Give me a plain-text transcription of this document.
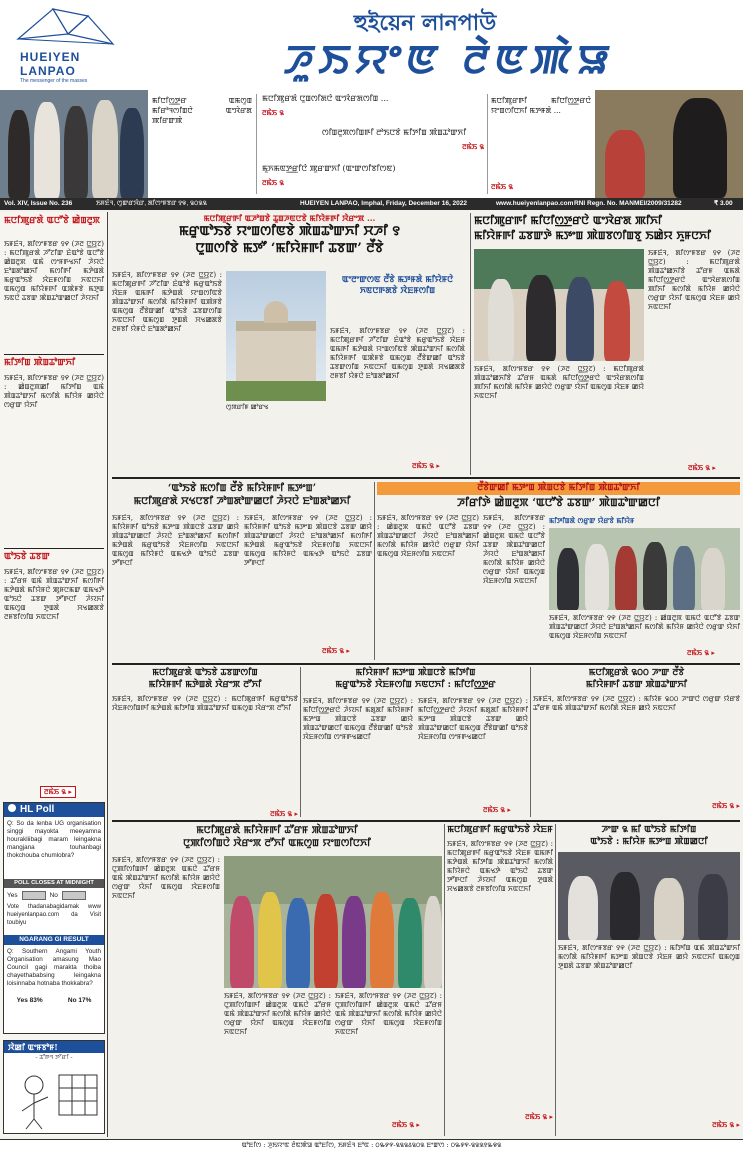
HUEIYEN
LANPAO
The messenger of the masses
হুইয়েন লানপাউ
ꯍꯨꯏꯌꯦꯟ ꯂꯥꯟꯄꯥꯎ
ꯃꯤꯅꯤꯁ꯭ꯇꯔ ꯑꯃꯁꯨꯡ ꯃꯤꯔꯣꯜꯁꯤꯡꯅꯥ ꯑꯦꯋꯥꯔꯗ ꯄꯤꯔꯛꯄꯥ
ꯃꯅꯤꯄꯨꯔꯗꯥ ꯅꯨꯡꯁꯤꯗꯅꯥ ꯑꯦꯋꯥꯔꯗꯁꯤꯡ ...
ꯂꯃꯥꯏ ꯲
ꯁꯤꯡꯂꯨꯞꯁꯤꯡꯒꯤ ꯂꯣꯏꯅꯕꯥ ꯃꯤꯇꯤꯡ ꯄꯥꯡꯊꯣꯛꯈꯤ
ꯂꯃꯥꯏ ꯲
ꯃꯨꯈꯃꯟꯇ꯭ꯔꯤꯅꯥ ꯄꯨꯔꯛꯈꯤ (ꯑꯦꯛꯁꯤꯕꯤꯁꯟ)
ꯂꯃꯥꯏ ꯲
ꯃꯅꯤꯄꯨꯔꯒꯤ ꯃꯤꯅꯤꯁ꯭ꯇꯔꯅꯥ ꯌꯦꯡꯁꯤꯅꯈꯤ ꯃꯇꯝꯗꯥ ...
ꯂꯃꯥꯏ ꯲
Vol. XIV, Issue No. 236	ꯏꯝꯐꯥꯜ, ꯁꯨꯛꯔꯋꯥꯔ, ꯗꯤꯁꯦꯝꯕꯔ ꯱꯶, ꯲꯰꯲꯲	HUEIYEN LANPAO, Imphal, Friday, December 16, 2022	www.hueiyenlanpao.com RNI Regn. No. MANMEI/2009/31282	₹ 3.00
ꯃꯅꯤꯄꯨꯔꯗꯥ ꯑꯅꯧꯕꯥ ꯀꯥꯡꯂꯨꯞ
ꯏꯝꯐꯥꯜ, ꯗꯤꯁꯦꯝꯕꯔ ꯱꯵ (ꯍꯂ ꯅ꯭ꯌꯨꯖ) : ꯃꯅꯤꯄꯨꯔꯗꯥ ꯍꯧꯖꯤꯛ ꯐꯥꯑꯣꯕꯥ ꯑꯅꯧꯕꯥ ꯀꯥꯡꯂꯨꯞ ꯑꯃꯥ ꯁꯦꯝꯒꯠꯈꯤ ꯍꯥꯌꯅꯥ ꯐꯣꯡꯗꯣꯀꯈꯤ ꯃꯁꯤꯒꯤ ꯃꯇꯥꯡꯗꯥ ꯃꯔꯨꯑꯣꯏꯕꯥ ꯋꯥꯐꯝꯁꯤꯡ ꯈꯟꯅꯈꯤ ꯑꯃꯁꯨꯡ ꯃꯤꯌꯥꯝꯒꯤ ꯑꯄꯥꯝꯕꯥ ꯃꯇꯨꯡ ꯏꯟꯅꯥ ꯊꯕꯛ ꯄꯥꯡꯊꯣꯛꯀꯅꯤ ꯍꯥꯌꯈꯤ
ꯃꯤꯇꯤꯡ ꯄꯥꯡꯊꯣꯛꯈꯤ
ꯏꯝꯐꯥꯜ, ꯗꯤꯁꯦꯝꯕꯔ ꯱꯵ (ꯍꯂ ꯅ꯭ꯌꯨꯖ) : ꯀꯥꯡꯂꯨꯞꯀꯤ ꯃꯤꯇꯤꯡ ꯑꯃꯥ ꯄꯥꯡꯊꯣꯛꯈꯤ ꯃꯁꯤꯗꯥ ꯃꯤꯌꯥꯝ ꯀꯌꯥꯅꯥ ꯁꯔꯨꯛ ꯌꯥꯈꯤ
ꯑꯣꯏꯕꯥ ꯊꯕꯛ
ꯏꯝꯐꯥꯜ, ꯗꯤꯁꯦꯝꯕꯔ ꯱꯵ (ꯍꯂ ꯅ꯭ꯌꯨꯖ) : ꯊꯧꯔꯝ ꯑꯃꯥ ꯄꯥꯡꯊꯣꯛꯈꯤ ꯃꯁꯤꯒꯤ ꯃꯇꯥꯡꯗꯥ ꯃꯤꯌꯥꯝꯅꯥ ꯄꯨꯝꯅꯃꯛ ꯑꯃꯠꯇꯥ ꯑꯣꯏꯅꯥ ꯊꯕꯛ ꯇꯧꯒꯅꯤ ꯍꯥꯌꯈꯤ ꯑꯃꯁꯨꯡ ꯇꯨꯡꯗꯥ ꯆꯠꯀꯗꯕꯥ ꯂꯝꯕꯤꯁꯤꯡ ꯈꯟꯅꯈꯤ
ꯂꯃꯥꯏ ꯲ ▸
HL Poll
Q: So da lenba UG organisation singgi mayokta meeyamna hourakliibagi maram leingakna mangjana touhanbagi thokchouba chumlobra?
POLL CLOSES AT MIDNIGHT
Yes	No
Vote thadanabagidamak www hueiyenlanpao.com da Visit toubiyu
NGARANG GI RESULT
Q: Southern Angami Youth Organisation amasung Mao Council gagi marakta thoiba chayethababsing leingakna loisinnaba hotnaba thokkabra?
Yes 83%	No 17%
ꯋꯥꯀꯤ ꯑꯦꯝꯕꯣꯝ!
- ꯊꯧꯒꯜ ꯇꯧꯔꯤ -
ꯃꯅꯤꯄꯨꯔꯒꯤ ꯑꯍꯣꯡꯕꯥ ꯊꯨꯡꯍꯟꯅꯕꯥ ꯃꯤꯌꯥꯝꯒꯤ ꯋꯥꯔꯦꯞ ...
ꯃꯔꯨꯑꯣꯏꯕꯥ ꯌꯦꯡꯁꯤꯟꯕꯥ ꯄꯥꯡꯊꯣꯛꯈꯤ ꯆꯍꯤ ꯱
ꯅꯨꯡꯁꯤꯕꯥ ꯃꯇꯧ ‘ꯃꯤꯌꯥꯝꯒꯤ ꯊꯕꯛ’ ꯂꯩꯕꯥ
ꯏꯝꯐꯥꯜ, ꯗꯤꯁꯦꯝꯕꯔ ꯱꯵ (ꯍꯂ ꯅ꯭ꯌꯨꯖ) : ꯃꯅꯤꯄꯨꯔꯒꯤ ꯍꯧꯖꯤꯛ ꯐꯥꯑꯣꯕꯥ ꯃꯔꯨꯑꯣꯏꯕꯥ ꯋꯥꯐꯝ ꯑꯃꯒꯤ ꯃꯇꯥꯡꯗꯥ ꯌꯦꯡꯁꯤꯟꯕꯥ ꯄꯥꯡꯊꯣꯛꯈꯤ ꯃꯁꯤꯗꯥ ꯃꯤꯌꯥꯝꯒꯤ ꯑꯄꯥꯝꯕꯥ ꯑꯃꯁꯨꯡ ꯂꯩꯕꯥꯛꯀꯤ ꯑꯣꯏꯕꯥ ꯊꯕꯛꯁꯤꯡ ꯈꯟꯅꯈꯤ ꯑꯃꯁꯨꯡ ꯇꯨꯡꯗꯥ ꯆꯠꯀꯗꯕꯥ ꯂꯝꯕꯤ ꯌꯥꯝꯅꯥ ꯐꯣꯡꯗꯣꯀꯈꯤ
ꯁꯨꯞꯔꯤꯝ ꯀꯣꯔꯠ
ꯑꯦꯂꯦꯛꯁꯟ ꯂꯩꯕꯥ ꯃꯇꯝꯗꯥ ꯃꯤꯌꯥꯝꯅꯥ ꯈꯟꯅꯒꯗꯕꯥ ꯋꯥꯐꯝꯁꯤꯡ
ꯏꯝꯐꯥꯜ, ꯗꯤꯁꯦꯝꯕꯔ ꯱꯵ (ꯍꯂ ꯅ꯭ꯌꯨꯖ) : ꯃꯅꯤꯄꯨꯔꯒꯤ ꯍꯧꯖꯤꯛ ꯐꯥꯑꯣꯕꯥ ꯃꯔꯨꯑꯣꯏꯕꯥ ꯋꯥꯐꯝ ꯑꯃꯒꯤ ꯃꯇꯥꯡꯗꯥ ꯌꯦꯡꯁꯤꯟꯕꯥ ꯄꯥꯡꯊꯣꯛꯈꯤ ꯃꯁꯤꯗꯥ ꯃꯤꯌꯥꯝꯒꯤ ꯑꯄꯥꯝꯕꯥ ꯑꯃꯁꯨꯡ ꯂꯩꯕꯥꯛꯀꯤ ꯑꯣꯏꯕꯥ ꯊꯕꯛꯁꯤꯡ ꯈꯟꯅꯈꯤ ꯑꯃꯁꯨꯡ ꯇꯨꯡꯗꯥ ꯆꯠꯀꯗꯕꯥ ꯂꯝꯕꯤ ꯌꯥꯝꯅꯥ ꯐꯣꯡꯗꯣꯀꯈꯤ
ꯂꯃꯥꯏ ꯲ ▸
ꯃꯅꯤꯄꯨꯔꯒꯤ ꯃꯤꯅꯤꯁ꯭ꯇꯔꯅꯥ ꯑꯦꯋꯥꯔꯗ ꯄꯤꯈꯤ
ꯃꯤꯌꯥꯝꯒꯤ ꯊꯕꯛꯇꯥ ꯃꯇꯦꯡ ꯄꯥꯡꯕꯁꯤꯡꯕꯨ ꯏꯀꯥꯌ ꯈꯨꯝꯅꯈꯤ
ꯏꯝꯐꯥꯜ, ꯗꯤꯁꯦꯝꯕꯔ ꯱꯵ (ꯍꯂ ꯅ꯭ꯌꯨꯖ) : ꯃꯅꯤꯄꯨꯔꯗꯥ ꯄꯥꯡꯊꯣꯀꯈꯤꯕꯥ ꯊꯧꯔꯝ ꯑꯃꯗꯥ ꯃꯤꯅꯤꯁ꯭ꯇꯔꯅꯥ ꯑꯦꯋꯥꯔꯗꯁꯤꯡ ꯄꯤꯈꯤ ꯃꯁꯤꯗꯥ ꯃꯤꯌꯥꯝ ꯀꯌꯥꯅꯥ ꯁꯔꯨꯛ ꯌꯥꯈꯤ ꯑꯃꯁꯨꯡ ꯋꯥꯐꯝ ꯀꯌꯥ ꯈꯟꯅꯈꯤ
ꯏꯝꯐꯥꯜ, ꯗꯤꯁꯦꯝꯕꯔ ꯱꯵ (ꯍꯂ ꯅ꯭ꯌꯨꯖ) : ꯃꯅꯤꯄꯨꯔꯗꯥ ꯄꯥꯡꯊꯣꯀꯈꯤꯕꯥ ꯊꯧꯔꯝ ꯑꯃꯗꯥ ꯃꯤꯅꯤꯁ꯭ꯇꯔꯅꯥ ꯑꯦꯋꯥꯔꯗꯁꯤꯡ ꯄꯤꯈꯤ ꯃꯁꯤꯗꯥ ꯃꯤꯌꯥꯝ ꯀꯌꯥꯅꯥ ꯁꯔꯨꯛ ꯌꯥꯈꯤ ꯑꯃꯁꯨꯡ ꯋꯥꯐꯝ ꯀꯌꯥ ꯈꯟꯅꯈꯤ
ꯂꯃꯥꯏ ꯲ ▸
‘ꯑꯣꯏꯕꯥ ꯃꯁꯤꯡ ꯂꯩꯕꯥ ꯃꯤꯌꯥꯝꯒꯤ ꯃꯇꯦꯡ’
ꯃꯅꯤꯄꯨꯔꯗꯥ ꯆꯠꯅꯕꯤ ꯍꯣꯡꯗꯣꯛꯀꯅꯤ ꯍꯥꯌꯅꯥ ꯐꯣꯡꯗꯣꯀꯈꯤ
ꯏꯝꯐꯥꯜ, ꯗꯤꯁꯦꯝꯕꯔ ꯱꯵ (ꯍꯂ ꯅ꯭ꯌꯨꯖ) : ꯃꯤꯌꯥꯝꯒꯤ ꯑꯣꯏꯕꯥ ꯃꯇꯦꯡ ꯄꯥꯡꯅꯕꯥ ꯊꯕꯛ ꯀꯌꯥ ꯄꯥꯡꯊꯣꯛꯀꯅꯤ ꯍꯥꯌꯅꯥ ꯐꯣꯡꯗꯣꯀꯈꯤ ꯃꯁꯤꯒꯤ ꯃꯇꯥꯡꯗꯥ ꯃꯔꯨꯑꯣꯏꯕꯥ ꯋꯥꯐꯝꯁꯤꯡ ꯈꯟꯅꯈꯤ ꯑꯃꯁꯨꯡ ꯃꯤꯌꯥꯝꯅꯥ ꯑꯃꯠꯇꯥ ꯑꯣꯏꯅꯥ ꯊꯕꯛ ꯇꯧꯒꯅꯤ
ꯏꯝꯐꯥꯜ, ꯗꯤꯁꯦꯝꯕꯔ ꯱꯵ (ꯍꯂ ꯅ꯭ꯌꯨꯖ) : ꯃꯤꯌꯥꯝꯒꯤ ꯑꯣꯏꯕꯥ ꯃꯇꯦꯡ ꯄꯥꯡꯅꯕꯥ ꯊꯕꯛ ꯀꯌꯥ ꯄꯥꯡꯊꯣꯛꯀꯅꯤ ꯍꯥꯌꯅꯥ ꯐꯣꯡꯗꯣꯀꯈꯤ ꯃꯁꯤꯒꯤ ꯃꯇꯥꯡꯗꯥ ꯃꯔꯨꯑꯣꯏꯕꯥ ꯋꯥꯐꯝꯁꯤꯡ ꯈꯟꯅꯈꯤ ꯑꯃꯁꯨꯡ ꯃꯤꯌꯥꯝꯅꯥ ꯑꯃꯠꯇꯥ ꯑꯣꯏꯅꯥ ꯊꯕꯛ ꯇꯧꯒꯅꯤ
ꯂꯃꯥꯏ ꯲ ▸
ꯂꯩꯕꯥꯛꯀꯤ ꯃꯇꯦꯡ ꯄꯥꯡꯅꯕꯥ ꯃꯤꯇꯤꯡ ꯄꯥꯡꯊꯣꯛꯈꯤ
ꯍꯤꯔꯤꯇꯥ ꯀꯥꯡꯂꯨꯞ ‘ꯑꯅꯧꯕꯥ ꯊꯕꯛ’ ꯄꯥꯡꯊꯣꯛꯀꯅꯤ
ꯏꯝꯐꯥꯜ, ꯗꯤꯁꯦꯝꯕꯔ ꯱꯵ (ꯍꯂ ꯅ꯭ꯌꯨꯖ) : ꯀꯥꯡꯂꯨꯞ ꯑꯃꯅꯥ ꯑꯅꯧꯕꯥ ꯊꯕꯛ ꯄꯥꯡꯊꯣꯛꯀꯅꯤ ꯍꯥꯌꯅꯥ ꯐꯣꯡꯗꯣꯀꯈꯤ ꯃꯁꯤꯗꯥ ꯃꯤꯌꯥꯝ ꯀꯌꯥꯅꯥ ꯁꯔꯨꯛ ꯌꯥꯈꯤ ꯑꯃꯁꯨꯡ ꯋꯥꯐꯝꯁꯤꯡ ꯈꯟꯅꯈꯤ
ꯏꯝꯐꯥꯜ, ꯗꯤꯁꯦꯝꯕꯔ ꯱꯵ (ꯍꯂ ꯅ꯭ꯌꯨꯖ) : ꯀꯥꯡꯂꯨꯞ ꯑꯃꯅꯥ ꯑꯅꯧꯕꯥ ꯊꯕꯛ ꯄꯥꯡꯊꯣꯛꯀꯅꯤ ꯍꯥꯌꯅꯥ ꯐꯣꯡꯗꯣꯀꯈꯤ ꯃꯁꯤꯗꯥ ꯃꯤꯌꯥꯝ ꯀꯌꯥꯅꯥ ꯁꯔꯨꯛ ꯌꯥꯈꯤ ꯑꯃꯁꯨꯡ ꯋꯥꯐꯝꯁꯤꯡ ꯈꯟꯅꯈꯤ
ꯃꯤꯇꯤꯡꯗꯥ ꯁꯔꯨꯛ ꯌꯥꯔꯕꯥ ꯃꯤꯌꯥꯝ
ꯏꯝꯐꯥꯜ, ꯗꯤꯁꯦꯝꯕꯔ ꯱꯵ (ꯍꯂ ꯅ꯭ꯌꯨꯖ) : ꯀꯥꯡꯂꯨꯞ ꯑꯃꯅꯥ ꯑꯅꯧꯕꯥ ꯊꯕꯛ ꯄꯥꯡꯊꯣꯛꯀꯅꯤ ꯍꯥꯌꯅꯥ ꯐꯣꯡꯗꯣꯀꯈꯤ ꯃꯁꯤꯗꯥ ꯃꯤꯌꯥꯝ ꯀꯌꯥꯅꯥ ꯁꯔꯨꯛ ꯌꯥꯈꯤ ꯑꯃꯁꯨꯡ ꯋꯥꯐꯝꯁꯤꯡ ꯈꯟꯅꯈꯤ
ꯂꯃꯥꯏ ꯲ ▸
ꯃꯅꯤꯄꯨꯔꯗꯥ ꯑꯣꯏꯕꯥ ꯊꯕꯛꯁꯤꯡ
ꯃꯤꯌꯥꯝꯒꯤ ꯃꯇꯥꯡꯗꯥ ꯋꯥꯔꯦꯞ ꯂꯧꯈꯤ
ꯏꯝꯐꯥꯜ, ꯗꯤꯁꯦꯝꯕꯔ ꯱꯵ (ꯍꯂ ꯅ꯭ꯌꯨꯖ) : ꯃꯅꯤꯄꯨꯔꯒꯤ ꯃꯔꯨꯑꯣꯏꯕꯥ ꯋꯥꯐꯝꯁꯤꯡꯒꯤ ꯃꯇꯥꯡꯗꯥ ꯃꯤꯇꯤꯡ ꯄꯥꯡꯊꯣꯛꯈꯤ ꯑꯃꯁꯨꯡ ꯋꯥꯔꯦꯞ ꯂꯧꯈꯤ
ꯂꯃꯥꯏ ꯲ ▸
ꯃꯤꯌꯥꯝꯒꯤ ꯃꯇꯦꯡ ꯄꯥꯡꯅꯕꯥ ꯃꯤꯇꯤꯡ
ꯃꯔꯨꯑꯣꯏꯕꯥ ꯋꯥꯐꯝꯁꯤꯡ ꯈꯟꯅꯈꯤ : ꯃꯤꯅꯤꯁ꯭ꯇꯔ
ꯏꯝꯐꯥꯜ, ꯗꯤꯁꯦꯝꯕꯔ ꯱꯵ (ꯍꯂ ꯅ꯭ꯌꯨꯖ) : ꯃꯤꯅꯤꯁ꯭ꯇꯔꯅꯥ ꯍꯥꯌꯈꯤ ꯃꯗꯨꯗꯤ ꯃꯤꯌꯥꯝꯒꯤ ꯃꯇꯦꯡ ꯄꯥꯡꯅꯕꯥ ꯊꯕꯛ ꯀꯌꯥ ꯄꯥꯡꯊꯣꯛꯀꯅꯤ ꯑꯃꯁꯨꯡ ꯂꯩꯕꯥꯛꯀꯤ ꯑꯣꯏꯕꯥ ꯋꯥꯐꯝꯁꯤꯡ ꯁꯦꯝꯒꯠꯀꯅꯤ
ꯏꯝꯐꯥꯜ, ꯗꯤꯁꯦꯝꯕꯔ ꯱꯵ (ꯍꯂ ꯅ꯭ꯌꯨꯖ) : ꯃꯤꯅꯤꯁ꯭ꯇꯔꯅꯥ ꯍꯥꯌꯈꯤ ꯃꯗꯨꯗꯤ ꯃꯤꯌꯥꯝꯒꯤ ꯃꯇꯦꯡ ꯄꯥꯡꯅꯕꯥ ꯊꯕꯛ ꯀꯌꯥ ꯄꯥꯡꯊꯣꯛꯀꯅꯤ ꯑꯃꯁꯨꯡ ꯂꯩꯕꯥꯛꯀꯤ ꯑꯣꯏꯕꯥ ꯋꯥꯐꯝꯁꯤꯡ ꯁꯦꯝꯒꯠꯀꯅꯤ
ꯂꯃꯥꯏ ꯲ ▸
ꯃꯅꯤꯄꯨꯔꯗꯥ ꯲꯰꯰ ꯍꯦꯛ ꯂꯩꯕꯥ
ꯃꯤꯌꯥꯝꯒꯤ ꯊꯕꯛ ꯄꯥꯡꯊꯣꯛꯈꯤ
ꯏꯝꯐꯥꯜ, ꯗꯤꯁꯦꯝꯕꯔ ꯱꯵ (ꯍꯂ ꯅ꯭ꯌꯨꯖ) : ꯃꯤꯌꯥꯝ ꯲꯰꯰ ꯍꯦꯛꯅꯥ ꯁꯔꯨꯛ ꯌꯥꯔꯕꯥ ꯊꯧꯔꯝ ꯑꯃꯥ ꯄꯥꯡꯊꯣꯛꯈꯤ ꯃꯁꯤꯗꯥ ꯋꯥꯐꯝ ꯀꯌꯥ ꯈꯟꯅꯈꯤ
ꯂꯃꯥꯏ ꯲ ▸
ꯃꯅꯤꯄꯨꯔꯗꯥ ꯃꯤꯌꯥꯝꯒꯤ ꯊꯧꯔꯝ ꯄꯥꯡꯊꯣꯛꯈꯤ
ꯅꯨꯄꯤꯁꯤꯡꯅꯥ ꯋꯥꯔꯦꯞ ꯂꯧꯈꯤ ꯑꯃꯁꯨꯡ ꯌꯦꯡꯁꯤꯅꯈꯤ
ꯏꯝꯐꯥꯜ, ꯗꯤꯁꯦꯝꯕꯔ ꯱꯵ (ꯍꯂ ꯅ꯭ꯌꯨꯖ) : ꯅꯨꯄꯤꯁꯤꯡꯒꯤ ꯀꯥꯡꯂꯨꯞ ꯑꯃꯅꯥ ꯊꯧꯔꯝ ꯑꯃꯥ ꯄꯥꯡꯊꯣꯛꯈꯤ ꯃꯁꯤꯗꯥ ꯃꯤꯌꯥꯝ ꯀꯌꯥꯅꯥ ꯁꯔꯨꯛ ꯌꯥꯈꯤ ꯑꯃꯁꯨꯡ ꯋꯥꯐꯝꯁꯤꯡ ꯈꯟꯅꯈꯤ
ꯏꯝꯐꯥꯜ, ꯗꯤꯁꯦꯝꯕꯔ ꯱꯵ (ꯍꯂ ꯅ꯭ꯌꯨꯖ) : ꯅꯨꯄꯤꯁꯤꯡꯒꯤ ꯀꯥꯡꯂꯨꯞ ꯑꯃꯅꯥ ꯊꯧꯔꯝ ꯑꯃꯥ ꯄꯥꯡꯊꯣꯛꯈꯤ ꯃꯁꯤꯗꯥ ꯃꯤꯌꯥꯝ ꯀꯌꯥꯅꯥ ꯁꯔꯨꯛ ꯌꯥꯈꯤ ꯑꯃꯁꯨꯡ ꯋꯥꯐꯝꯁꯤꯡ ꯈꯟꯅꯈꯤ
ꯏꯝꯐꯥꯜ, ꯗꯤꯁꯦꯝꯕꯔ ꯱꯵ (ꯍꯂ ꯅ꯭ꯌꯨꯖ) : ꯅꯨꯄꯤꯁꯤꯡꯒꯤ ꯀꯥꯡꯂꯨꯞ ꯑꯃꯅꯥ ꯊꯧꯔꯝ ꯑꯃꯥ ꯄꯥꯡꯊꯣꯛꯈꯤ ꯃꯁꯤꯗꯥ ꯃꯤꯌꯥꯝ ꯀꯌꯥꯅꯥ ꯁꯔꯨꯛ ꯌꯥꯈꯤ ꯑꯃꯁꯨꯡ ꯋꯥꯐꯝꯁꯤꯡ ꯈꯟꯅꯈꯤ
ꯂꯃꯥꯏ ꯲ ▸
ꯃꯅꯤꯄꯨꯔꯒꯤ ꯃꯔꯨꯑꯣꯏꯕꯥ ꯋꯥꯐꯝ
ꯏꯝꯐꯥꯜ, ꯗꯤꯁꯦꯝꯕꯔ ꯱꯵ (ꯍꯂ ꯅ꯭ꯌꯨꯖ) : ꯃꯅꯤꯄꯨꯔꯒꯤ ꯃꯔꯨꯑꯣꯏꯕꯥ ꯋꯥꯐꯝ ꯑꯃꯒꯤ ꯃꯇꯥꯡꯗꯥ ꯃꯤꯇꯤꯡ ꯄꯥꯡꯊꯣꯛꯈꯤ ꯃꯁꯤꯗꯥ ꯃꯤꯌꯥꯝꯅꯥ ꯑꯃꯠꯇꯥ ꯑꯣꯏꯅꯥ ꯊꯕꯛ ꯇꯧꯒꯅꯤ ꯍꯥꯌꯈꯤ ꯑꯃꯁꯨꯡ ꯇꯨꯡꯗꯥ ꯆꯠꯀꯗꯕꯥ ꯂꯝꯕꯤꯁꯤꯡ ꯈꯟꯅꯈꯤ
ꯂꯃꯥꯏ ꯲ ▸
ꯍꯦꯛ ꯲ ꯃꯤ ꯑꯣꯏꯕꯥ ꯃꯤꯇꯤꯡ
ꯑꯣꯏꯕꯥ : ꯃꯤꯌꯥꯝ ꯃꯇꯦꯡ ꯄꯥꯡꯀꯅꯤ
ꯏꯝꯐꯥꯜ, ꯗꯤꯁꯦꯝꯕꯔ ꯱꯵ (ꯍꯂ ꯅ꯭ꯌꯨꯖ) : ꯃꯤꯇꯤꯡ ꯑꯃꯥ ꯄꯥꯡꯊꯣꯛꯈꯤ ꯃꯁꯤꯗꯥ ꯃꯤꯌꯥꯝꯒꯤ ꯃꯇꯦꯡ ꯄꯥꯡꯅꯕꯥ ꯋꯥꯐꯝ ꯀꯌꯥ ꯈꯟꯅꯈꯤ ꯑꯃꯁꯨꯡ ꯇꯨꯡꯗꯥ ꯊꯕꯛ ꯄꯥꯡꯊꯣꯛꯀꯅꯤ
ꯂꯃꯥꯏ ꯲ ▸
ꯑꯣꯐꯤꯁ : ꯍꯨꯏꯌꯦꯟ ꯂꯥꯟꯄꯥꯎ ꯑꯣꯐꯤꯁ, ꯏꯝꯐꯥꯜ ꯐꯣꯟ : ꯰꯳꯸꯵-꯲꯲꯲꯴꯲꯰꯲ ꯐꯦꯛꯁ : ꯰꯳꯸꯵-꯲꯲꯲꯱꯳꯶꯲
